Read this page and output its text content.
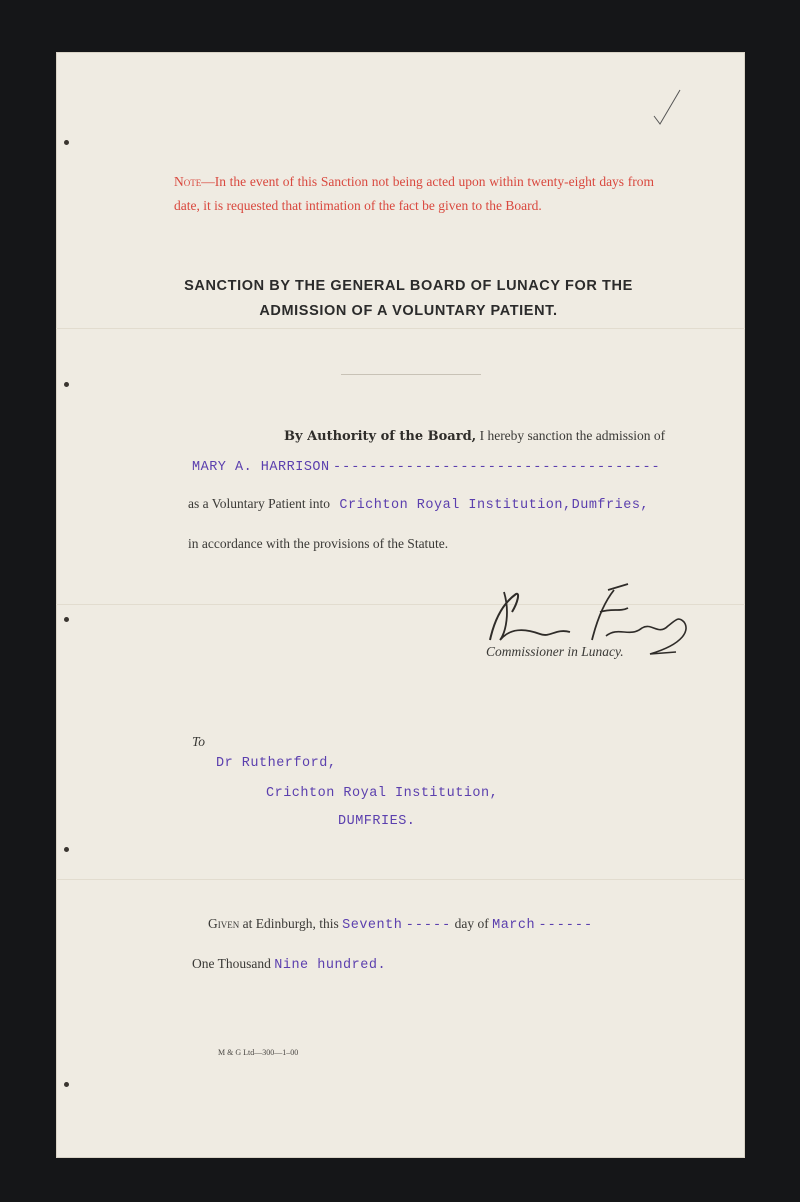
Note—In the event of this Sanction not being acted upon within twenty-eight days from date, it is requested that intimation of the fact be given to the Board.
SANCTION BY THE GENERAL BOARD OF LUNACY FOR THE
ADMISSION OF A VOLUNTARY PATIENT.
By Authority of the Board, I hereby sanction the admission of
MARY A. HARRISON ------------------------------------
as a Voluntary Patient into Crichton Royal Institution,Dumfries,
in accordance with the provisions of the Statute.
Commissioner in Lunacy.
To
Dr Rutherford,
Crichton Royal Institution,
DUMFRIES.
Given at Edinburgh, this Seventh ----- day of March ------
One Thousand Nine hundred.
M & G Ltd—300—1–00
